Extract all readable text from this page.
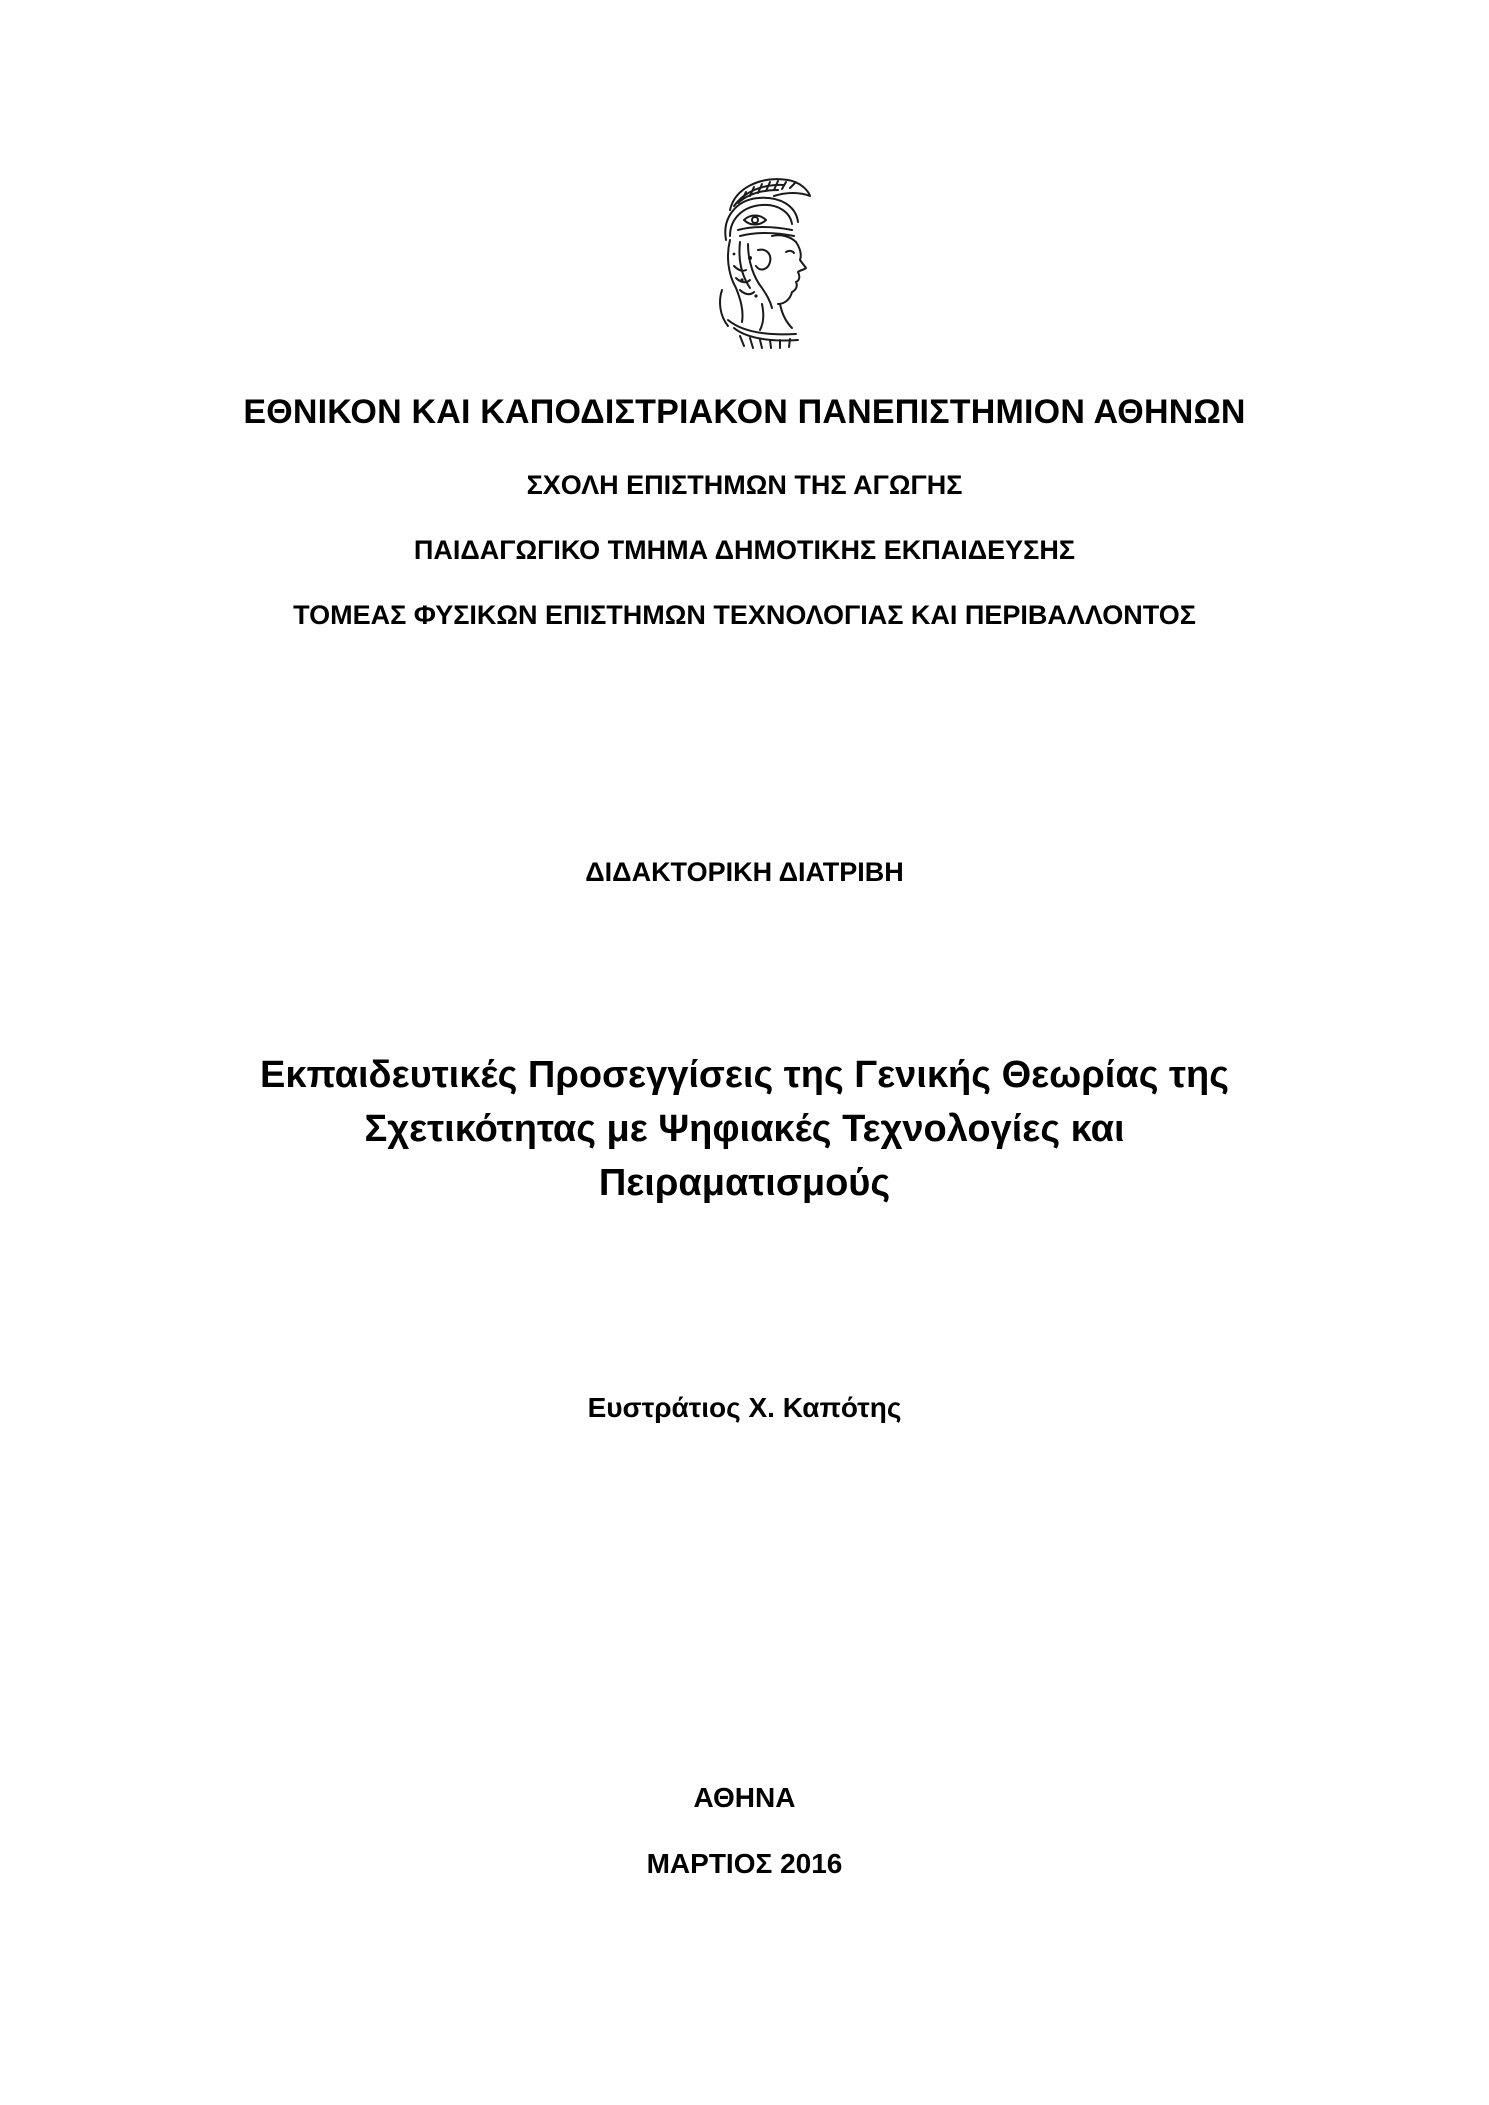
ΕΘΝΙΚΟΝ ΚΑΙ ΚΑΠΟΔΙΣΤΡΙΑΚΟΝ ΠΑΝΕΠΙΣΤΗΜΙΟΝ ΑΘΗΝΩΝ
ΣΧΟΛΗ ΕΠΙΣΤΗΜΩΝ ΤΗΣ ΑΓΩΓΗΣ
ΠΑΙΔΑΓΩΓΙΚΟ ΤΜΗΜΑ ΔΗΜΟΤΙΚΗΣ ΕΚΠΑΙΔΕΥΣΗΣ
ΤΟΜΕΑΣ ΦΥΣΙΚΩΝ ΕΠΙΣΤΗΜΩΝ ΤΕΧΝΟΛΟΓΙΑΣ ΚΑΙ ΠΕΡΙΒΑΛΛΟΝΤΟΣ
ΔΙΔΑΚΤΟΡΙΚΗ ΔΙΑΤΡΙΒΗ
Εκπαιδευτικές Προσεγγίσεις της Γενικής Θεωρίας της
Σχετικότητας με Ψηφιακές Τεχνολογίες και
Πειραματισμούς
Ευστράτιος Χ. Καπότης
ΑΘΗΝΑ
ΜΑΡΤΙΟΣ 2016
